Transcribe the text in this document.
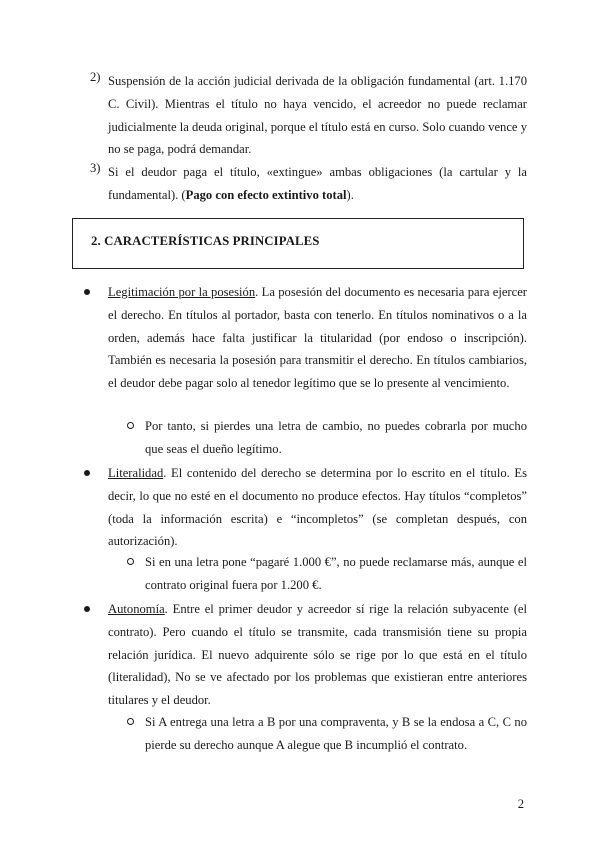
2) Suspensión de la acción judicial derivada de la obligación fundamental (art. 1.170 C. Civil). Mientras el título no haya vencido, el acreedor no puede reclamar judicialmente la deuda original, porque el título está en curso. Solo cuando vence y no se paga, podrá demandar.

3) Si el deudor paga el título, «extingue» ambas obligaciones (la cartular y la fundamental). (Pago con efecto extintivo total).

2. CARACTERÍSTICAS PRINCIPALES

Legitimación por la posesión. La posesión del documento es necesaria para ejercer el derecho. En títulos al portador, basta con tenerlo. En títulos nominativos o a la orden, además hace falta justificar la titularidad (por endoso o inscripción). También es necesaria la posesión para transmitir el derecho. En títulos cambiarios, el deudor debe pagar solo al tenedor legítimo que se lo presente al vencimiento.

Por tanto, si pierdes una letra de cambio, no puedes cobrarla por mucho que seas el dueño legítimo.

Literalidad. El contenido del derecho se determina por lo escrito en el título. Es decir, lo que no esté en el documento no produce efectos. Hay títulos “completos” (toda la información escrita) e “incompletos” (se completan después, con autorización).

Si en una letra pone “pagaré 1.000 €”, no puede reclamarse más, aunque el contrato original fuera por 1.200 €.

Autonomía. Entre el primer deudor y acreedor sí rige la relación subyacente (el contrato). Pero cuando el título se transmite, cada transmisión tiene su propia relación jurídica. El nuevo adquirente sólo se rige por lo que está en el título (literalidad), No se ve afectado por los problemas que existieran entre anteriores titulares y el deudor.

Si A entrega una letra a B por una compraventa, y B se la endosa a C, C no pierde su derecho aunque A alegue que B incumplió el contrato.

2
